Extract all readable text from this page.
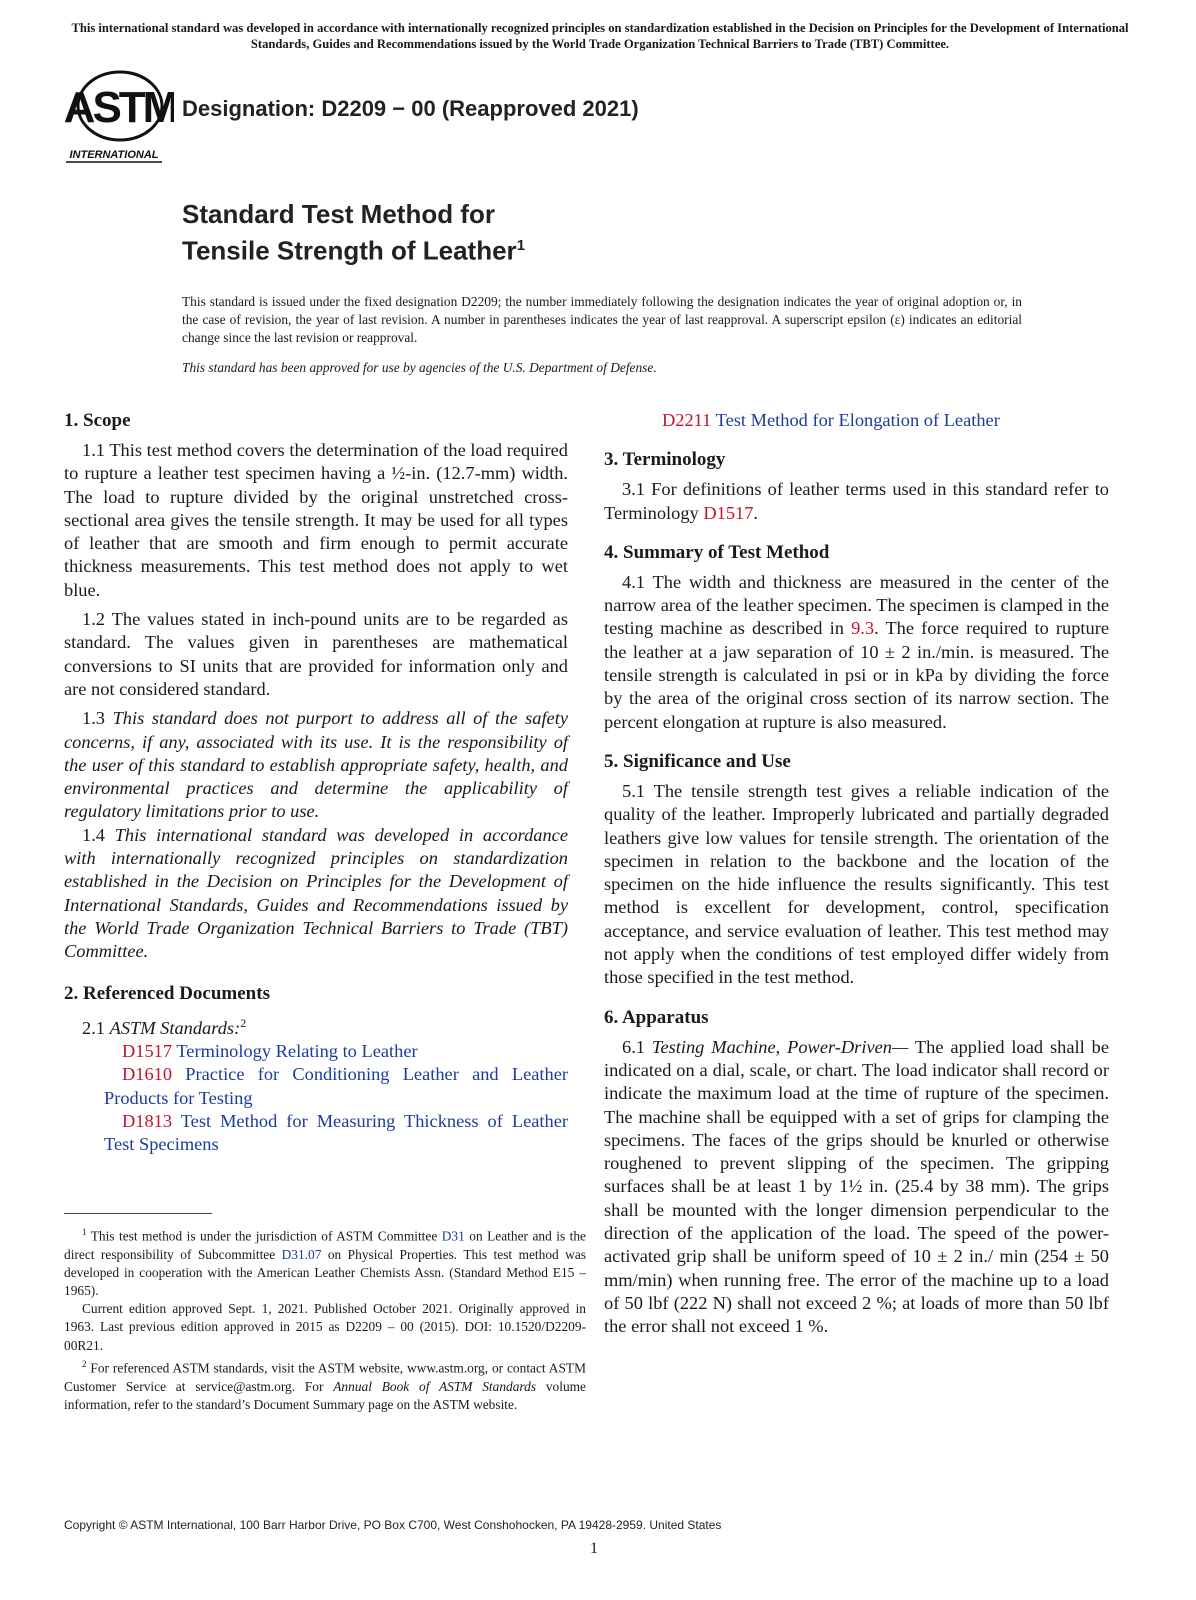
This international standard was developed in accordance with internationally recognized principles on standardization established in the Decision on Principles for the Development of International Standards, Guides and Recommendations issued by the World Trade Organization Technical Barriers to Trade (TBT) Committee.
ASTM
INTERNATIONAL
Designation: D2209 − 00 (Reapproved 2021)
Standard Test Method for
Tensile Strength of Leather$^1$
This standard is issued under the fixed designation D2209; the number immediately following the designation indicates the year of original adoption or, in the case of revision, the year of last revision. A number in parentheses indicates the year of last reapproval. A superscript epsilon (ε) indicates an editorial change since the last revision or reapproval.
This standard has been approved for use by agencies of the U.S. Department of Defense.
1. Scope

1.1 This test method covers the determination of the load required to rupture a leather test specimen having a ½-in. (12.7-mm) width. The load to rupture divided by the original unstretched cross-sectional area gives the tensile strength. It may be used for all types of leather that are smooth and firm enough to permit accurate thickness measurements. This test method does not apply to wet blue.

1.2 The values stated in inch-pound units are to be regarded as standard. The values given in parentheses are mathematical conversions to SI units that are provided for information only and are not considered standard.

1.3 This standard does not purport to address all of the safety concerns, if any, associated with its use. It is the responsibility of the user of this standard to establish appropriate safety, health, and environmental practices and determine the applicability of regulatory limitations prior to use.

1.4 This international standard was developed in accordance with internationally recognized principles on standardization established in the Decision on Principles for the Development of International Standards, Guides and Recommendations issued by the World Trade Organization Technical Barriers to Trade (TBT) Committee.

2. Referenced Documents

2.1 ASTM Standards:$^2$

D1517 Terminology Relating to Leather

D1610 Practice for Conditioning Leather and Leather Products for Testing

D1813 Test Method for Measuring Thickness of Leather Test Specimens

$^1$ This test method is under the jurisdiction of ASTM Committee D31 on Leather and is the direct responsibility of Subcommittee D31.07 on Physical Properties. This test method was developed in cooperation with the American Leather Chemists Assn. (Standard Method E15 – 1965).

Current edition approved Sept. 1, 2021. Published October 2021. Originally approved in 1963. Last previous edition approved in 2015 as D2209 – 00 (2015). DOI: 10.1520/D2209-00R21.

$^2$ For referenced ASTM standards, visit the ASTM website, www.astm.org, or contact ASTM Customer Service at service@astm.org. For Annual Book of ASTM Standards volume information, refer to the standard’s Document Summary page on the ASTM website.

D2211 Test Method for Elongation of Leather

3. Terminology

3.1 For definitions of leather terms used in this standard refer to Terminology D1517.

4. Summary of Test Method

4.1 The width and thickness are measured in the center of the narrow area of the leather specimen. The specimen is clamped in the testing machine as described in 9.3. The force required to rupture the leather at a jaw separation of 10 ± 2 in./min. is measured. The tensile strength is calculated in psi or in kPa by dividing the force by the area of the original cross section of its narrow section. The percent elongation at rupture is also measured.

5. Significance and Use

5.1 The tensile strength test gives a reliable indication of the quality of the leather. Improperly lubricated and partially degraded leathers give low values for tensile strength. The orientation of the specimen in relation to the backbone and the location of the specimen on the hide influence the results significantly. This test method is excellent for development, control, specification acceptance, and service evaluation of leather. This test method may not apply when the conditions of test employed differ widely from those specified in the test method.

6. Apparatus

6.1 Testing Machine, Power-Driven— The applied load shall be indicated on a dial, scale, or chart. The load indicator shall record or indicate the maximum load at the time of rupture of the specimen. The machine shall be equipped with a set of grips for clamping the specimens. The faces of the grips should be knurled or otherwise roughened to prevent slipping of the specimen. The gripping surfaces shall be at least 1 by 1½ in. (25.4 by 38 mm). The grips shall be mounted with the longer dimension perpendicular to the direction of the application of the load. The speed of the power-activated grip shall be uniform speed of 10 ± 2 in./ min (254 ± 50 mm/min) when running free. The error of the machine up to a load of 50 lbf (222 N) shall not exceed 2 %; at loads of more than 50 lbf the error shall not exceed 1 %.

Copyright © ASTM International, 100 Barr Harbor Drive, PO Box C700, West Conshohocken, PA 19428-2959. United States
1
